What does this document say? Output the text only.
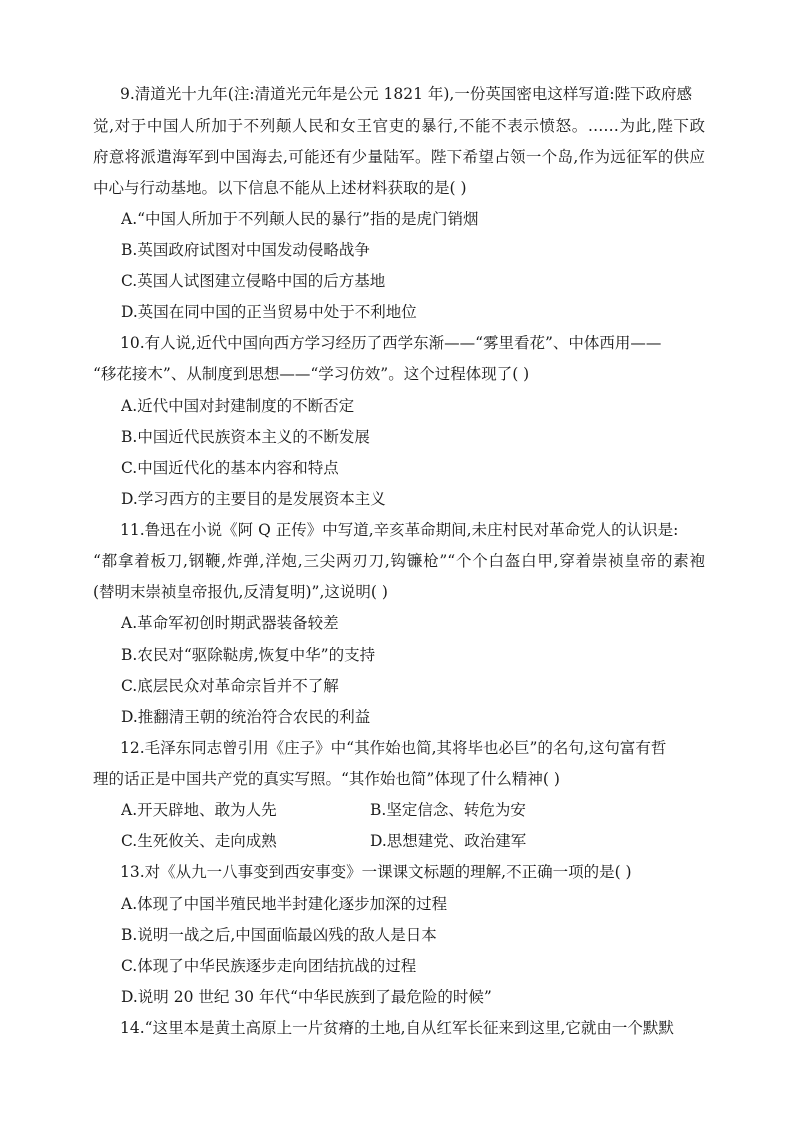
9.清道光十九年(注:清道光元年是公元 1821 年),一份英国密电这样写道:陛下政府感
觉,对于中国人所加于不列颠人民和女王官吏的暴行,不能不表示愤怒。……为此,陛下政
府意将派遣海军到中国海去,可能还有少量陆军。陛下希望占领一个岛,作为远征军的供应
中心与行动基地。以下信息不能从上述材料获取的是( )
A.“中国人所加于不列颠人民的暴行”指的是虎门销烟
B.英国政府试图对中国发动侵略战争
C.英国人试图建立侵略中国的后方基地
D.英国在同中国的正当贸易中处于不利地位
10.有人说,近代中国向西方学习经历了西学东渐——“雾里看花”、中体西用——
“移花接木”、从制度到思想——“学习仿效”。这个过程体现了( )
A.近代中国对封建制度的不断否定
B.中国近代民族资本主义的不断发展
C.中国近代化的基本内容和特点
D.学习西方的主要目的是发展资本主义
11.鲁迅在小说《阿 Q 正传》中写道,辛亥革命期间,未庄村民对革命党人的认识是:
“都拿着板刀,钢鞭,炸弹,洋炮,三尖两刃刀,钩镰枪”“个个白盔白甲,穿着崇祯皇帝的素袍
(替明末崇祯皇帝报仇,反清复明)”,这说明( )
A.革命军初创时期武器装备较差
B.农民对“驱除鞑虏,恢复中华”的支持
C.底层民众对革命宗旨并不了解
D.推翻清王朝的统治符合农民的利益
12.毛泽东同志曾引用《庄子》中“其作始也简,其将毕也必巨”的名句,这句富有哲
理的话正是中国共产党的真实写照。“其作始也简”体现了什么精神( )
A.开天辟地、敢为人先	B.坚定信念、转危为安
C.生死攸关、走向成熟	D.思想建党、政治建军
13.对《从九一八事变到西安事变》一课课文标题的理解,不正确一项的是( )
A.体现了中国半殖民地半封建化逐步加深的过程
B.说明一战之后,中国面临最凶残的敌人是日本
C.体现了中华民族逐步走向团结抗战的过程
D.说明 20 世纪 30 年代“中华民族到了最危险的时候”
14.“这里本是黄土高原上一片贫瘠的土地,自从红军长征来到这里,它就由一个默默
